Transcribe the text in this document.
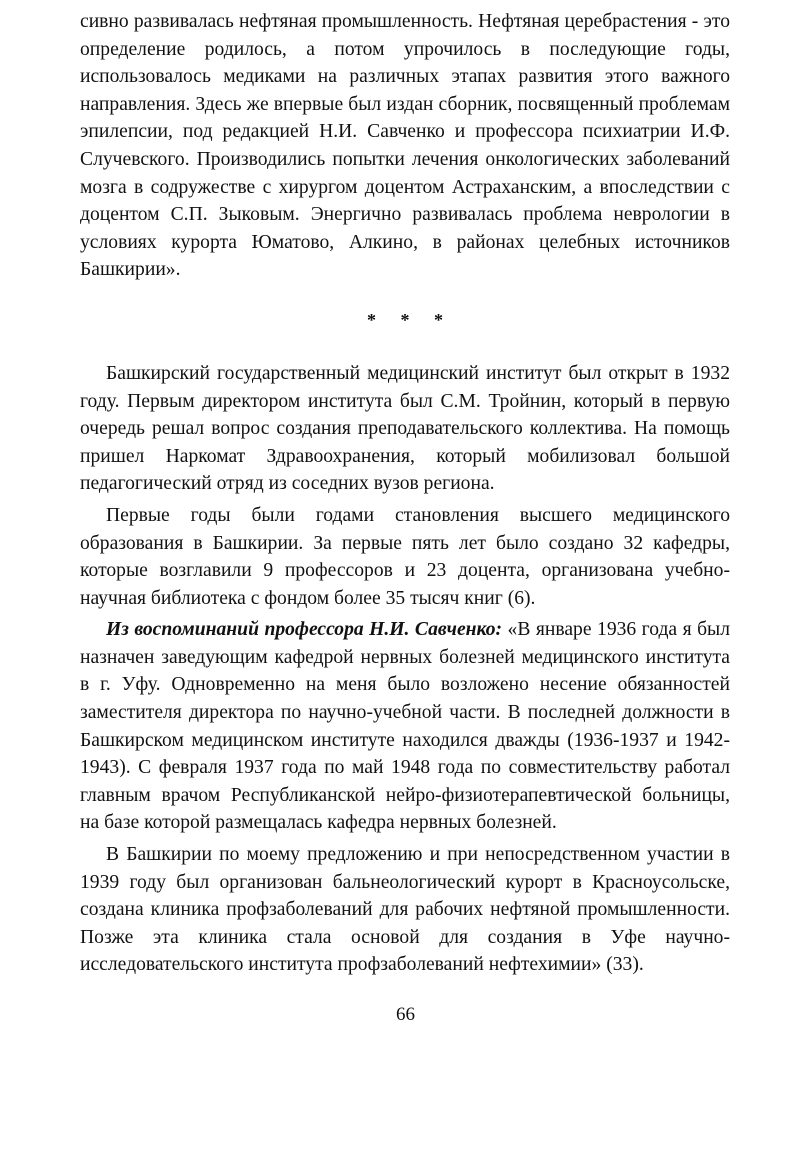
сивно развивалась нефтяная промышленность. Нефтяная церебрастения - это определение родилось, а потом упрочилось в последующие годы, использовалось медиками на различных этапах развития этого важного направления. Здесь же впервые был издан сборник, посвященный проблемам эпилепсии, под редакцией Н.И. Савченко и профессора психиатрии И.Ф. Случевского. Производились попытки лечения онкологических заболеваний мозга в содружестве с хирургом доцентом Астраханским, а впоследствии с доцентом С.П. Зыковым. Энергично развивалась проблема неврологии в условиях курорта Юматово, Алкино, в районах целебных источников Башкирии».

* * *

Башкирский государственный медицинский институт был открыт в 1932 году. Первым директором института был С.М. Тройнин, который в первую очередь решал вопрос создания преподавательского коллектива. На помощь пришел Наркомат Здравоохранения, который мобилизовал большой педагогический отряд из соседних вузов региона.

Первые годы были годами становления высшего медицинского образования в Башкирии. За первые пять лет было создано 32 кафедры, которые возглавили 9 профессоров и 23 доцента, организована учебно-научная библиотека с фондом более 35 тысяч книг (6).

Из воспоминаний профессора Н.И. Савченко: «В январе 1936 года я был назначен заведующим кафедрой нервных болезней медицинского института в г. Уфу. Одновременно на меня было возложено несение обязанностей заместителя директора по научно-учебной части. В последней должности в Башкирском медицинском институте находился дважды (1936-1937 и 1942-1943). С февраля 1937 года по май 1948 года по совместительству работал главным врачом Республиканской нейро-физиотерапевтической больницы, на базе которой размещалась кафедра нервных болезней.

В Башкирии по моему предложению и при непосредственном участии в 1939 году был организован бальнеологический курорт в Красноусольске, создана клиника профзаболеваний для рабочих нефтяной промышленности. Позже эта клиника стала основой для создания в Уфе научно-исследовательского института профзаболеваний нефтехимии» (33).

66
